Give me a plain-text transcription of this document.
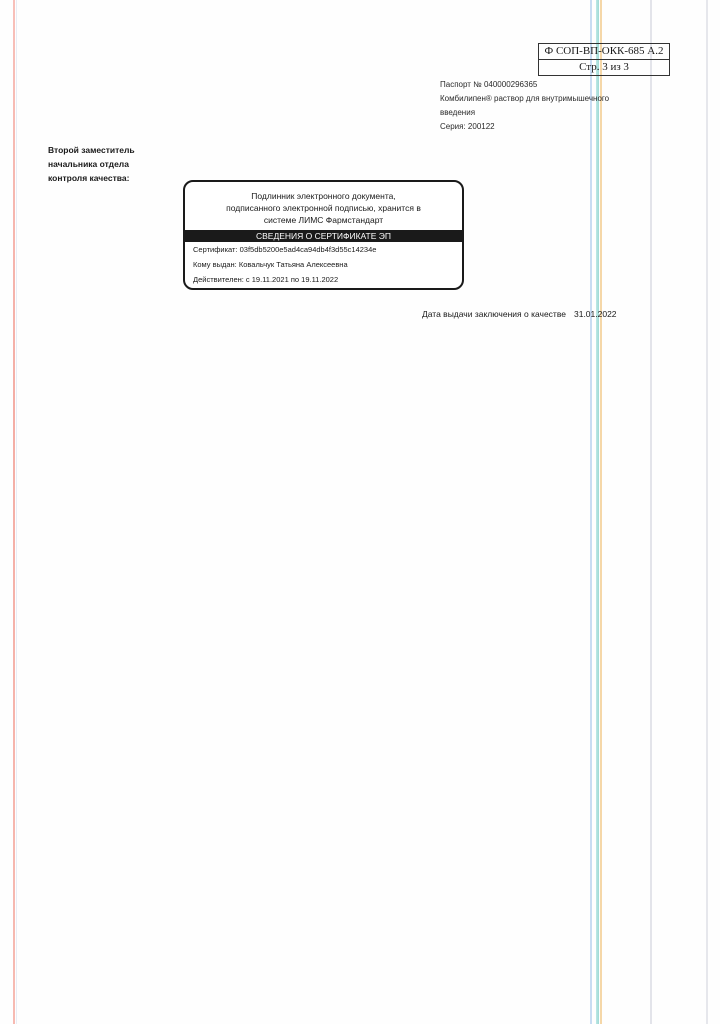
Ф СОП-ВП-ОКК-685 А.2
Стр. 3 из 3
Паспорт № 040000296365
Комбилипен® раствор для внутримышечного
введения
Серия: 200122
Второй заместитель
начальника отдела
контроля качества:
Подлинник электронного документа,
подписанного электронной подписью, хранится в
системе ЛИМС Фармстандарт
СВЕДЕНИЯ О СЕРТИФИКАТЕ ЭП
Сертификат: 03f5db5200e5ad4ca94db4f3d55c14234e
Кому выдан: Ковальчук Татьяна Алексеевна
Действителен: с 19.11.2021 по 19.11.2022
Дата выдачи заключения о качестве 31.01.2022
